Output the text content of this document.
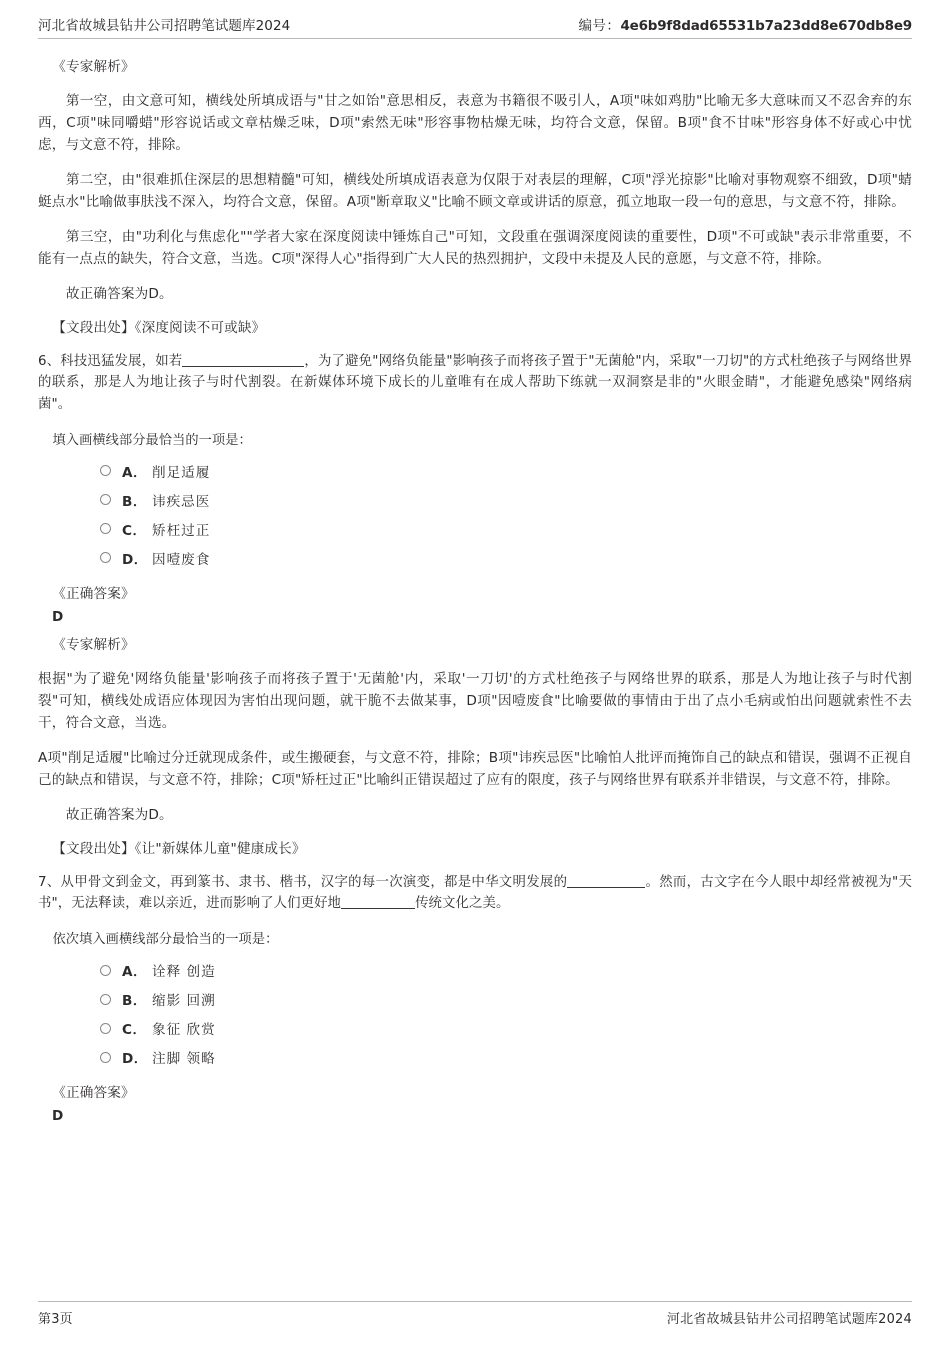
河北省故城县钻井公司招聘笔试题库2024	编号：4e6b9f8dad65531b7a23dd8e670db8e9
《专家解析》

第一空，由文意可知，横线处所填成语与"甘之如饴"意思相反，表意为书籍很不吸引人，A项"味如鸡肋"比喻无多大意味而又不忍舍弃的东西，C项"味同嚼蜡"形容说话或文章枯燥乏味，D项"索然无味"形容事物枯燥无味，均符合文意，保留。B项"食不甘味"形容身体不好或心中忧虑，与文意不符，排除。

第二空，由"很难抓住深层的思想精髓"可知，横线处所填成语表意为仅限于对表层的理解，C项"浮光掠影"比喻对事物观察不细致，D项"蜻蜓点水"比喻做事肤浅不深入，均符合文意，保留。A项"断章取义"比喻不顾文章或讲话的原意，孤立地取一段一句的意思，与文意不符，排除。

第三空，由"功利化与焦虑化""学者大家在深度阅读中锤炼自己"可知，文段重在强调深度阅读的重要性，D项"不可或缺"表示非常重要，不能有一点点的缺失，符合文意，当选。C项"深得人心"指得到广大人民的热烈拥护，文段中未提及人民的意愿，与文意不符，排除。

故正确答案为D。

【文段出处】《深度阅读不可或缺》

6、科技迅猛发展，如若	，为了避免"网络负能量"影响孩子而将孩子置于"无菌舱"内，采取"一刀切"的方式杜绝孩子与网络世界的联系，那是人为地让孩子与时代割裂。在新媒体环境下成长的儿童唯有在成人帮助下练就一双洞察是非的"火眼金睛"，才能避免感染"网络病菌"。

填入画横线部分最恰当的一项是：
A． 削足适履
B． 讳疾忌医
C． 矫枉过正
D． 因噎废食
《正确答案》
D
《专家解析》

根据"为了避免'网络负能量'影响孩子而将孩子置于'无菌舱'内，采取'一刀切'的方式杜绝孩子与网络世界的联系，那是人为地让孩子与时代割裂"可知，横线处成语应体现因为害怕出现问题，就干脆不去做某事，D项"因噎废食"比喻要做的事情由于出了点小毛病或怕出问题就索性不去干，符合文意，当选。

A项"削足适履"比喻过分迁就现成条件，或生搬硬套，与文意不符，排除；B项"讳疾忌医"比喻怕人批评而掩饰自己的缺点和错误，强调不正视自己的缺点和错误，与文意不符，排除；C项"矫枉过正"比喻纠正错误超过了应有的限度，孩子与网络世界有联系并非错误，与文意不符，排除。

故正确答案为D。

【文段出处】《让"新媒体儿童"健康成长》

7、从甲骨文到金文，再到篆书、隶书、楷书，汉字的每一次演变，都是中华文明发展的	。然而，古文字在今人眼中却经常被视为"天书"，无法释读，难以亲近，进而影响了人们更好地	传统文化之美。

依次填入画横线部分最恰当的一项是：
A． 诠释 创造
B． 缩影 回溯
C． 象征 欣赏
D． 注脚 领略
《正确答案》
D
第3页	河北省故城县钻井公司招聘笔试题库2024
